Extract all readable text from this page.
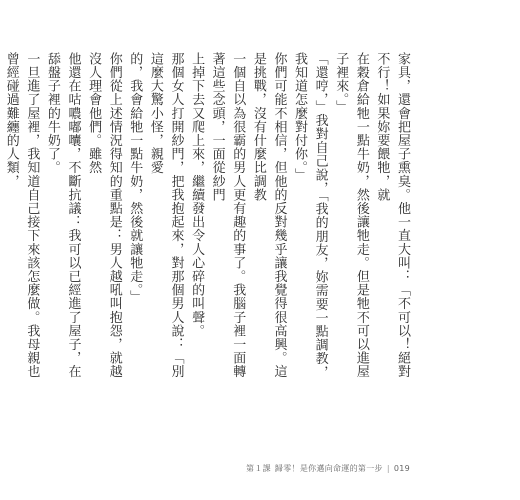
家具，還會把屋子熏臭。他一直大叫：「不可以！絕對不行！如果妳要餵牠，就
在穀倉給牠一點牛奶，然後讓牠走。但是牠不可以進屋子裡來。」

「還哼，」我對自己說，「我的朋友，妳需要一點調教，我知道怎麼對付你。」
你們可能不相信，但他的反對幾乎讓我覺得很高興。這是挑戰，沒有什麼比調教
一個自以為很霸的男人更有趣的事了。我腦子裡一面轉著這些念頭，一面從紗門
上掉下去又爬上來，繼續發出令人心碎的叫聲。

那個女人打開紗門，把我抱起來，對那個男人說：「別這麼大驚小怪，親愛
的，我會給牠一點牛奶，然後就讓牠走。」

你們從上述情況得知的重點是：男人越吼叫抱怨，就越沒人理會他們。雖然
他還在咕噥嘟囔，不斷抗議：我可以已經進了屋子，在舔盤子裡的牛奶了。

一旦進了屋裡，我知道自己接下來該怎麼做。我母親也曾經碰過難纏的人類，

第１課 歸零！是你邁向命運的第一步 | 019
